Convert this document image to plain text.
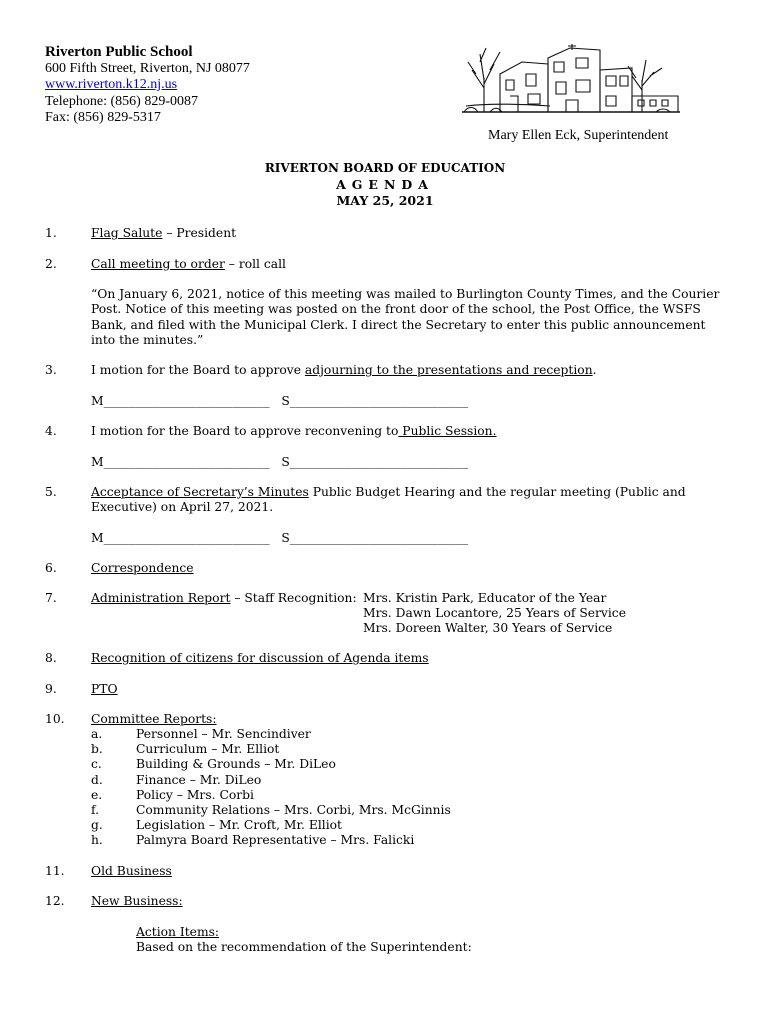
Riverton Public School
600 Fifth Street, Riverton, NJ 08077
www.riverton.k12.nj.us
Telephone: (856) 829-0087
Fax: (856) 829-5317
Mary Ellen Eck, Superintendent
RIVERTON BOARD OF EDUCATION
AGENDA
MAY 25, 2021
1.	Flag Salute – President
2.	Call meeting to order – roll call
“On January 6, 2021, notice of this meeting was mailed to Burlington County Times, and the Courier Post. Notice of this meeting was posted on the front door of the school, the Post Office, the WSFS Bank, and filed with the Municipal Clerk. I direct the Secretary to enter this public announcement into the minutes.”
3.	I motion for the Board to approve adjourning to the presentations and reception.
M___________________________ S_____________________________
4.	I motion for the Board to approve reconvening to Public Session.
M___________________________ S_____________________________
5.	Acceptance of Secretary’s Minutes Public Budget Hearing and the regular meeting (Public and Executive) on April 27, 2021.
M___________________________ S_____________________________
6.	Correspondence
7.	Administration Report – Staff Recognition: Mrs. Kristin Park, Educator of the Year
Mrs. Dawn Locantore, 25 Years of Service
Mrs. Doreen Walter, 30 Years of Service
8.	Recognition of citizens for discussion of Agenda items
9.	PTO
10. Committee Reports:
a.	Personnel – Mr. Sencindiver
b.	Curriculum – Mr. Elliot
c.	Building & Grounds – Mr. DiLeo
d.	Finance – Mr. DiLeo
e.	Policy – Mrs. Corbi
f.	Community Relations – Mrs. Corbi, Mrs. McGinnis
g.	Legislation – Mr. Croft, Mr. Elliot
h.	Palmyra Board Representative – Mrs. Falicki
11. Old Business
12. New Business:
Action Items:
Based on the recommendation of the Superintendent:
